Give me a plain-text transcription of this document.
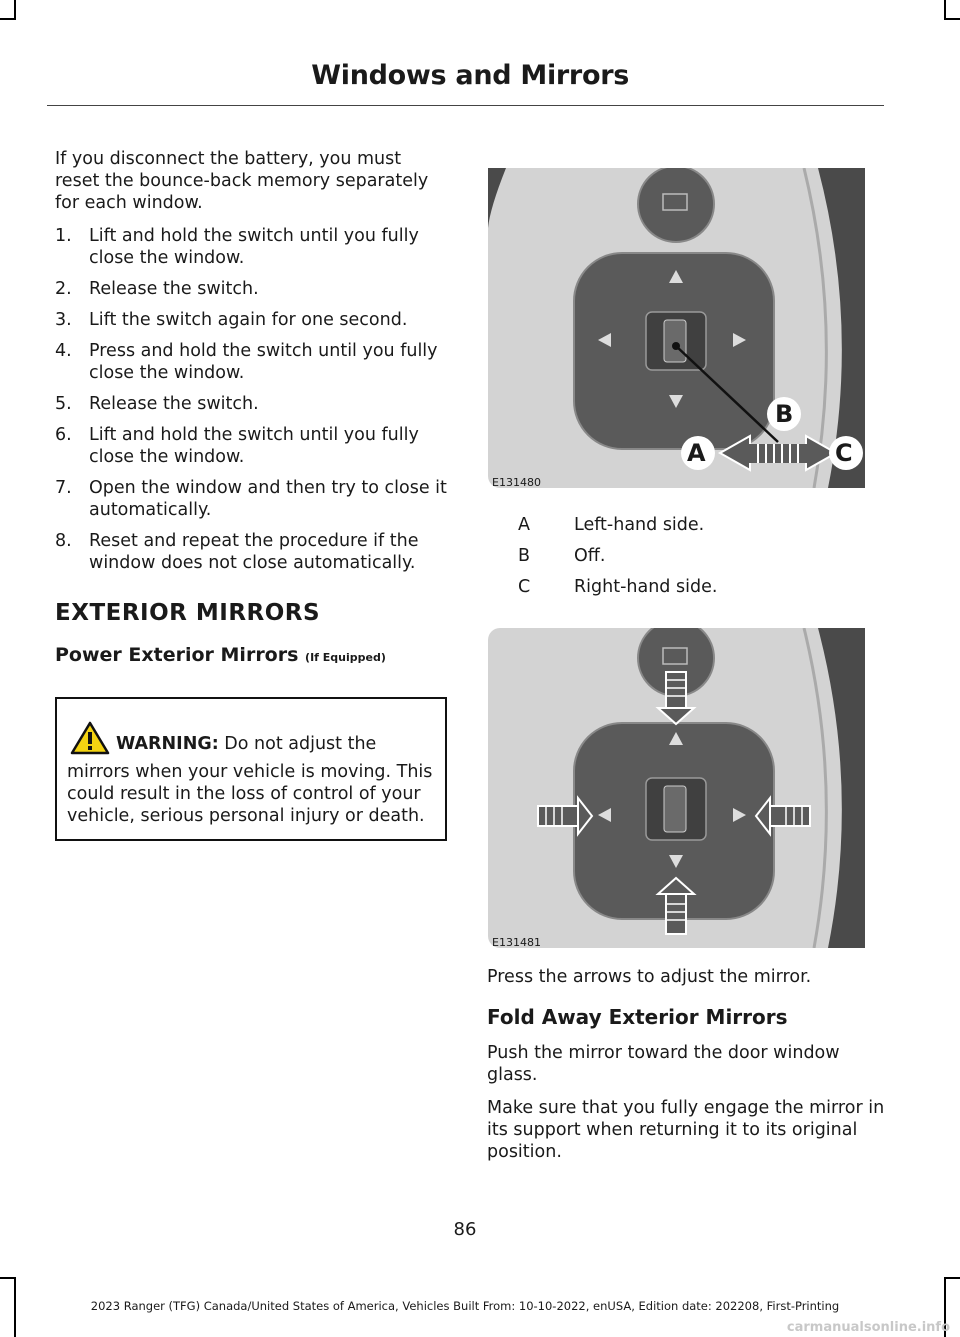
Windows and Mirrors

If you disconnect the battery, you must reset the bounce-back memory separately for each window.

1. Lift and hold the switch until you fully close the window.
2. Release the switch.
3. Lift the switch again for one second.
4. Press and hold the switch until you fully close the window.
5. Release the switch.
6. Lift and hold the switch until you fully close the window.
7. Open the window and then try to close it automatically.
8. Reset and repeat the procedure if the window does not close automatically.
EXTERIOR MIRRORS
Power Exterior Mirrors (If Equipped)
WARNING: Do not adjust the mirrors when your vehicle is moving. This could result in the loss of control of your vehicle, serious personal injury or death.
A	C
B
E131480
A	Left-hand side.
B	Off.
C	Right-hand side.
E131481

Press the arrows to adjust the mirror.

Fold Away Exterior Mirrors

Push the mirror toward the door window glass.

Make sure that you fully engage the mirror in its support when returning it to its original position.

86
2023 Ranger (TFG) Canada/United States of America, Vehicles Built From: 10-10-2022, enUSA, Edition date: 202208, First-Printing
carmanualsonline.info
